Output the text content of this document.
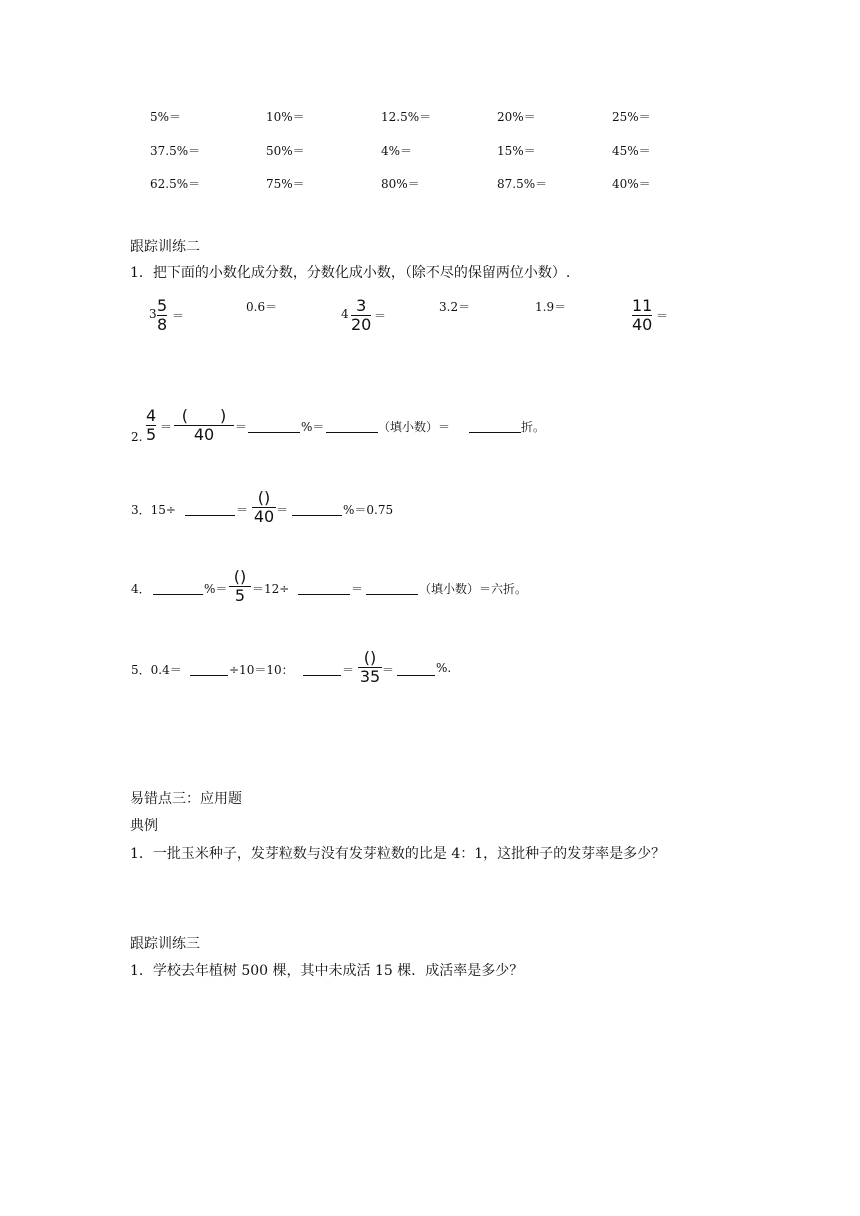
5%＝	10%＝	12.5%＝	20%＝	25%＝
37.5%＝	50%＝	4%＝	15%＝	45%＝
62.5%＝	75%＝	80%＝	87.5%＝	40%＝
跟踪训练二
1．把下面的小数化成分数，分数化成小数，（除不尽的保留两位小数）.
3 5
8 ＝
0.6＝	4 3
20 ＝
3.2＝	1.9＝	11
40 ＝
2.
4
5 ＝
(　　)
40	＝	%＝	（填小数）＝	折。
3．15÷	＝
()
40 ＝	%＝0.75
4．	%＝
()
5 ＝12÷	＝	（填小数）＝六折。
5．0.4＝	÷10＝10：	＝
()
35 ＝	%.
易错点三：应用题
典例
1．一批玉米种子，发芽粒数与没有发芽粒数的比是 4：1，这批种子的发芽率是多少？
跟踪训练三
1．学校去年植树 500 棵，其中未成活 15 棵．成活率是多少？
